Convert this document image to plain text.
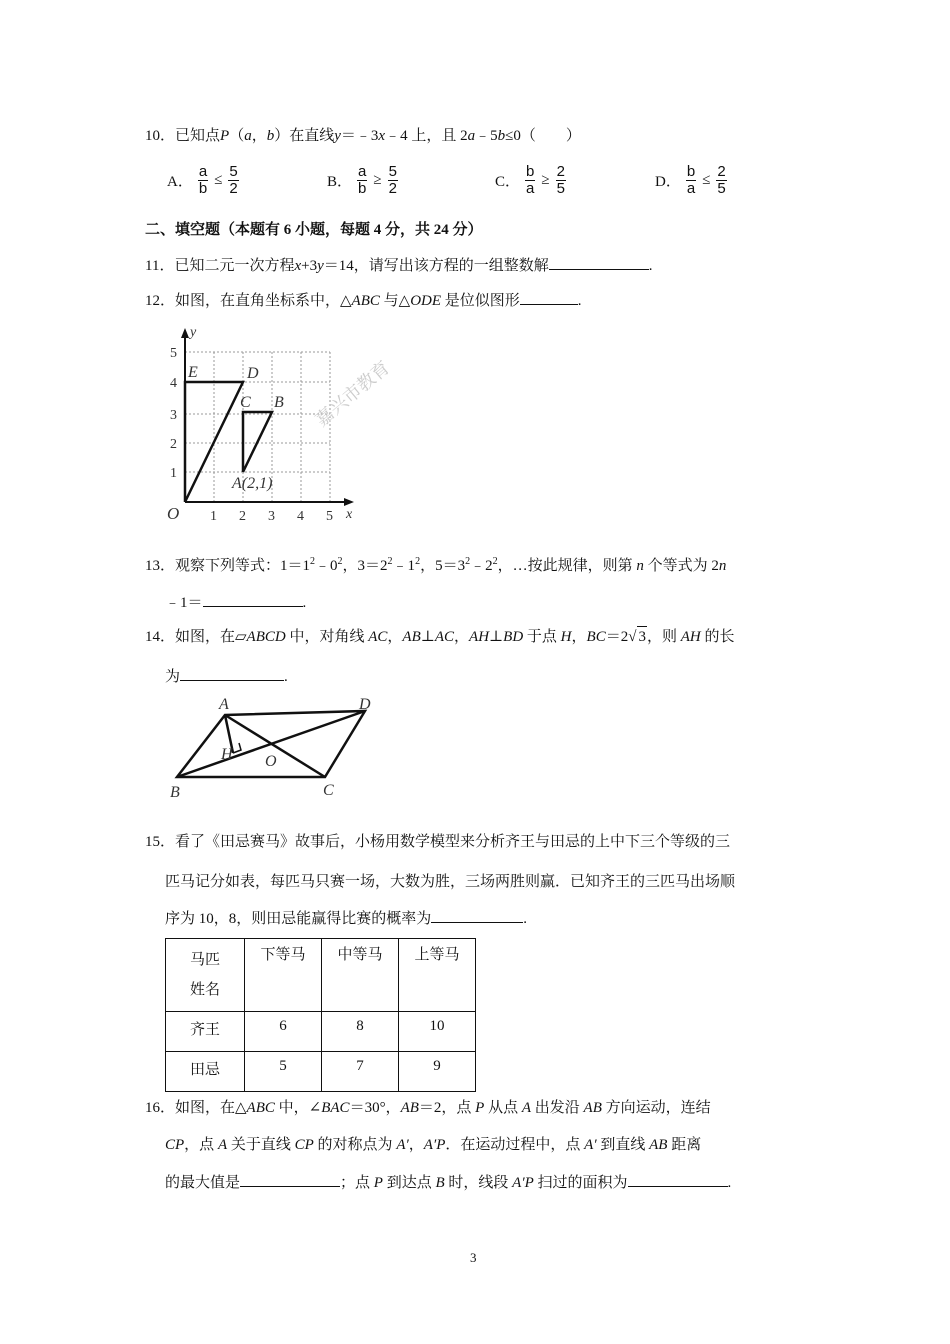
10．已知点P（a，b）在直线y＝﹣3x﹣4 上，且 2a﹣5b≤0（　　）
A． $\frac{a}{b} \le \frac{5}{2}$	B． $\frac{a}{b} \ge \frac{5}{2}$	C． $\frac{b}{a} \ge \frac{2}{5}$	D． $\frac{b}{a} \le \frac{2}{5}$
二、填空题（本题有 6 小题，每题 4 分，共 24 分）
11．已知二元一次方程x+3y＝14，请写出该方程的一组整数解	.
12．如图，在直角坐标系中，△ABC 与△ODE 是位似图形	.
x
y
O 1 2 3 4 5
1
2
3
4
5
E	D
C B
A(2,1)
嘉兴市教育
13．观察下列等式：$1=1^2﹣0^2$，$3=2^2﹣1^2$，$5=3^2﹣2^2$，…按此规律，则第 n 个等式为 2n
﹣1＝	.
14．如图，在▱ABCD 中，对角线 AC，AB⊥AC，AH⊥BD 于点 H，BC＝2√ 3，则 AH 的长
为	.
A	D
B	C
H O
15．看了《田忌赛马》故事后，小杨用数学模型来分析齐王与田忌的上中下三个等级的三
匹马记分如表，每匹马只赛一场，大数为胜，三场两胜则赢．已知齐王的三匹马出场顺
序为 10，8，则田忌能赢得比赛的概率为	.
马匹
姓名	下等马	中等马	上等马
齐王	6	8	10
田忌	5	7	9
16．如图，在△ABC 中，∠BAC＝30°，AB＝2，点 P 从点 A 出发沿 AB 方向运动，连结
CP，点 A 关于直线 CP 的对称点为 A′，A′P．在运动过程中，点 A′ 到直线 AB 距离
的最大值是	；点 P 到达点 B 时，线段 A′P 扫过的面积为	.
3
